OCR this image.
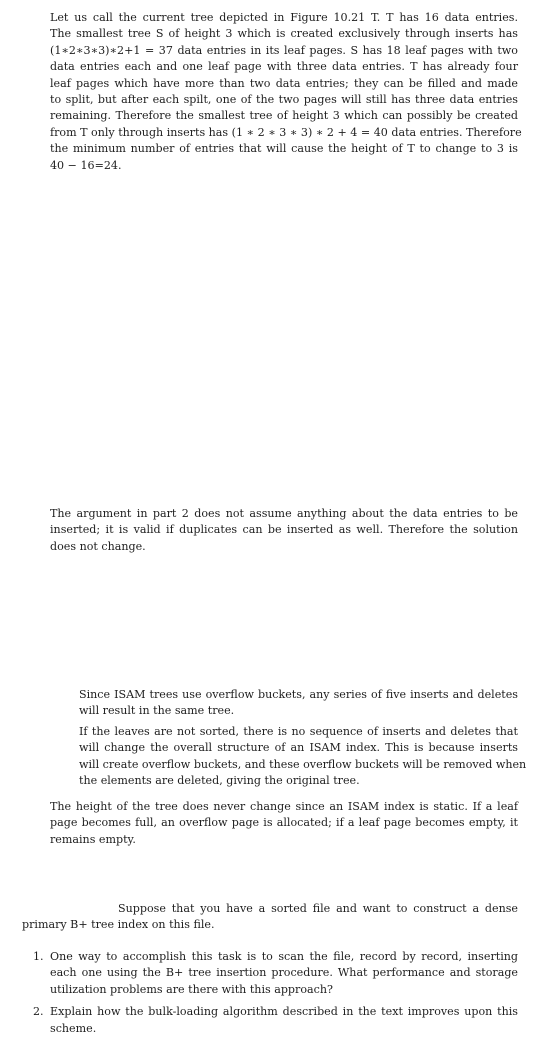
Let us call the current tree depicted in Figure 10.21 T. T has 16 data entries.
The smallest tree S of height 3 which is created exclusively through inserts has
(1∗2∗3∗3)∗2+1 = 37 data entries in its leaf pages. S has 18 leaf pages with two
data entries each and one leaf page with three data entries. T has already four
leaf pages which have more than two data entries; they can be filled and made
to split, but after each spilt, one of the two pages will still has three data entries
remaining. Therefore the smallest tree of height 3 which can possibly be created
from T only through inserts has (1 ∗ 2 ∗ 3 ∗ 3) ∗ 2 + 4 = 40 data entries. Therefore
the minimum number of entries that will cause the height of T to change to 3 is
40 − 16=24.
The argument in part 2 does not assume anything about the data entries to be
inserted; it is valid if duplicates can be inserted as well. Therefore the solution
does not change.
Since ISAM trees use overflow buckets, any series of five inserts and deletes
will result in the same tree.
If the leaves are not sorted, there is no sequence of inserts and deletes that
will change the overall structure of an ISAM index. This is because inserts
will create overflow buckets, and these overflow buckets will be removed when
the elements are deleted, giving the original tree.
The height of the tree does never change since an ISAM index is static. If a leaf
page becomes full, an overflow page is allocated; if a leaf page becomes empty, it
remains empty.
Suppose that you have a sorted file and want to construct a dense
primary B+ tree index on this file.
1. One way to accomplish this task is to scan the file, record by record, inserting
each one using the B+ tree insertion procedure. What performance and storage
utilization problems are there with this approach?
2. Explain how the bulk-loading algorithm described in the text improves upon this
scheme.
